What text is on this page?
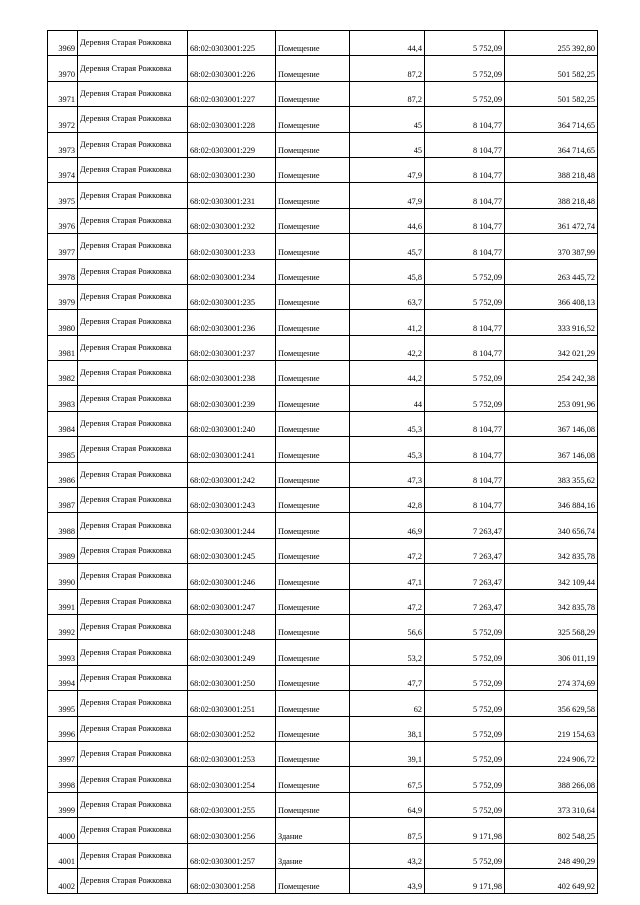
3969	Деревня Старая Рожковка	68:02:0303001:225	Помещение	44,4	5 752,09	255 392,80
3970	Деревня Старая Рожковка	68:02:0303001:226	Помещение	87,2	5 752,09	501 582,25
3971	Деревня Старая Рожковка	68:02:0303001:227	Помещение	87,2	5 752,09	501 582,25
3972	Деревня Старая Рожковка	68:02:0303001:228	Помещение	45	8 104,77	364 714,65
3973	Деревня Старая Рожковка	68:02:0303001:229	Помещение	45	8 104,77	364 714,65
3974	Деревня Старая Рожковка	68:02:0303001:230	Помещение	47,9	8 104,77	388 218,48
3975	Деревня Старая Рожковка	68:02:0303001:231	Помещение	47,9	8 104,77	388 218,48
3976	Деревня Старая Рожковка	68:02:0303001:232	Помещение	44,6	8 104,77	361 472,74
3977	Деревня Старая Рожковка	68:02:0303001:233	Помещение	45,7	8 104,77	370 387,99
3978	Деревня Старая Рожковка	68:02:0303001:234	Помещение	45,8	5 752,09	263 445,72
3979	Деревня Старая Рожковка	68:02:0303001:235	Помещение	63,7	5 752,09	366 408,13
3980	Деревня Старая Рожковка	68:02:0303001:236	Помещение	41,2	8 104,77	333 916,52
3981	Деревня Старая Рожковка	68:02:0303001:237	Помещение	42,2	8 104,77	342 021,29
3982	Деревня Старая Рожковка	68:02:0303001:238	Помещение	44,2	5 752,09	254 242,38
3983	Деревня Старая Рожковка	68:02:0303001:239	Помещение	44	5 752,09	253 091,96
3984	Деревня Старая Рожковка	68:02:0303001:240	Помещение	45,3	8 104,77	367 146,08
3985	Деревня Старая Рожковка	68:02:0303001:241	Помещение	45,3	8 104,77	367 146,08
3986	Деревня Старая Рожковка	68:02:0303001:242	Помещение	47,3	8 104,77	383 355,62
3987	Деревня Старая Рожковка	68:02:0303001:243	Помещение	42,8	8 104,77	346 884,16
3988	Деревня Старая Рожковка	68:02:0303001:244	Помещение	46,9	7 263,47	340 656,74
3989	Деревня Старая Рожковка	68:02:0303001:245	Помещение	47,2	7 263,47	342 835,78
3990	Деревня Старая Рожковка	68:02:0303001:246	Помещение	47,1	7 263,47	342 109,44
3991	Деревня Старая Рожковка	68:02:0303001:247	Помещение	47,2	7 263,47	342 835,78
3992	Деревня Старая Рожковка	68:02:0303001:248	Помещение	56,6	5 752,09	325 568,29
3993	Деревня Старая Рожковка	68:02:0303001:249	Помещение	53,2	5 752,09	306 011,19
3994	Деревня Старая Рожковка	68:02:0303001:250	Помещение	47,7	5 752,09	274 374,69
3995	Деревня Старая Рожковка	68:02:0303001:251	Помещение	62	5 752,09	356 629,58
3996	Деревня Старая Рожковка	68:02:0303001:252	Помещение	38,1	5 752,09	219 154,63
3997	Деревня Старая Рожковка	68:02:0303001:253	Помещение	39,1	5 752,09	224 906,72
3998	Деревня Старая Рожковка	68:02:0303001:254	Помещение	67,5	5 752,09	388 266,08
3999	Деревня Старая Рожковка	68:02:0303001:255	Помещение	64,9	5 752,09	373 310,64
4000	Деревня Старая Рожковка	68:02:0303001:256	Здание	87,5	9 171,98	802 548,25
4001	Деревня Старая Рожковка	68:02:0303001:257	Здание	43,2	5 752,09	248 490,29
4002	Деревня Старая Рожковка	68:02:0303001:258	Помещение	43,9	9 171,98	402 649,92
